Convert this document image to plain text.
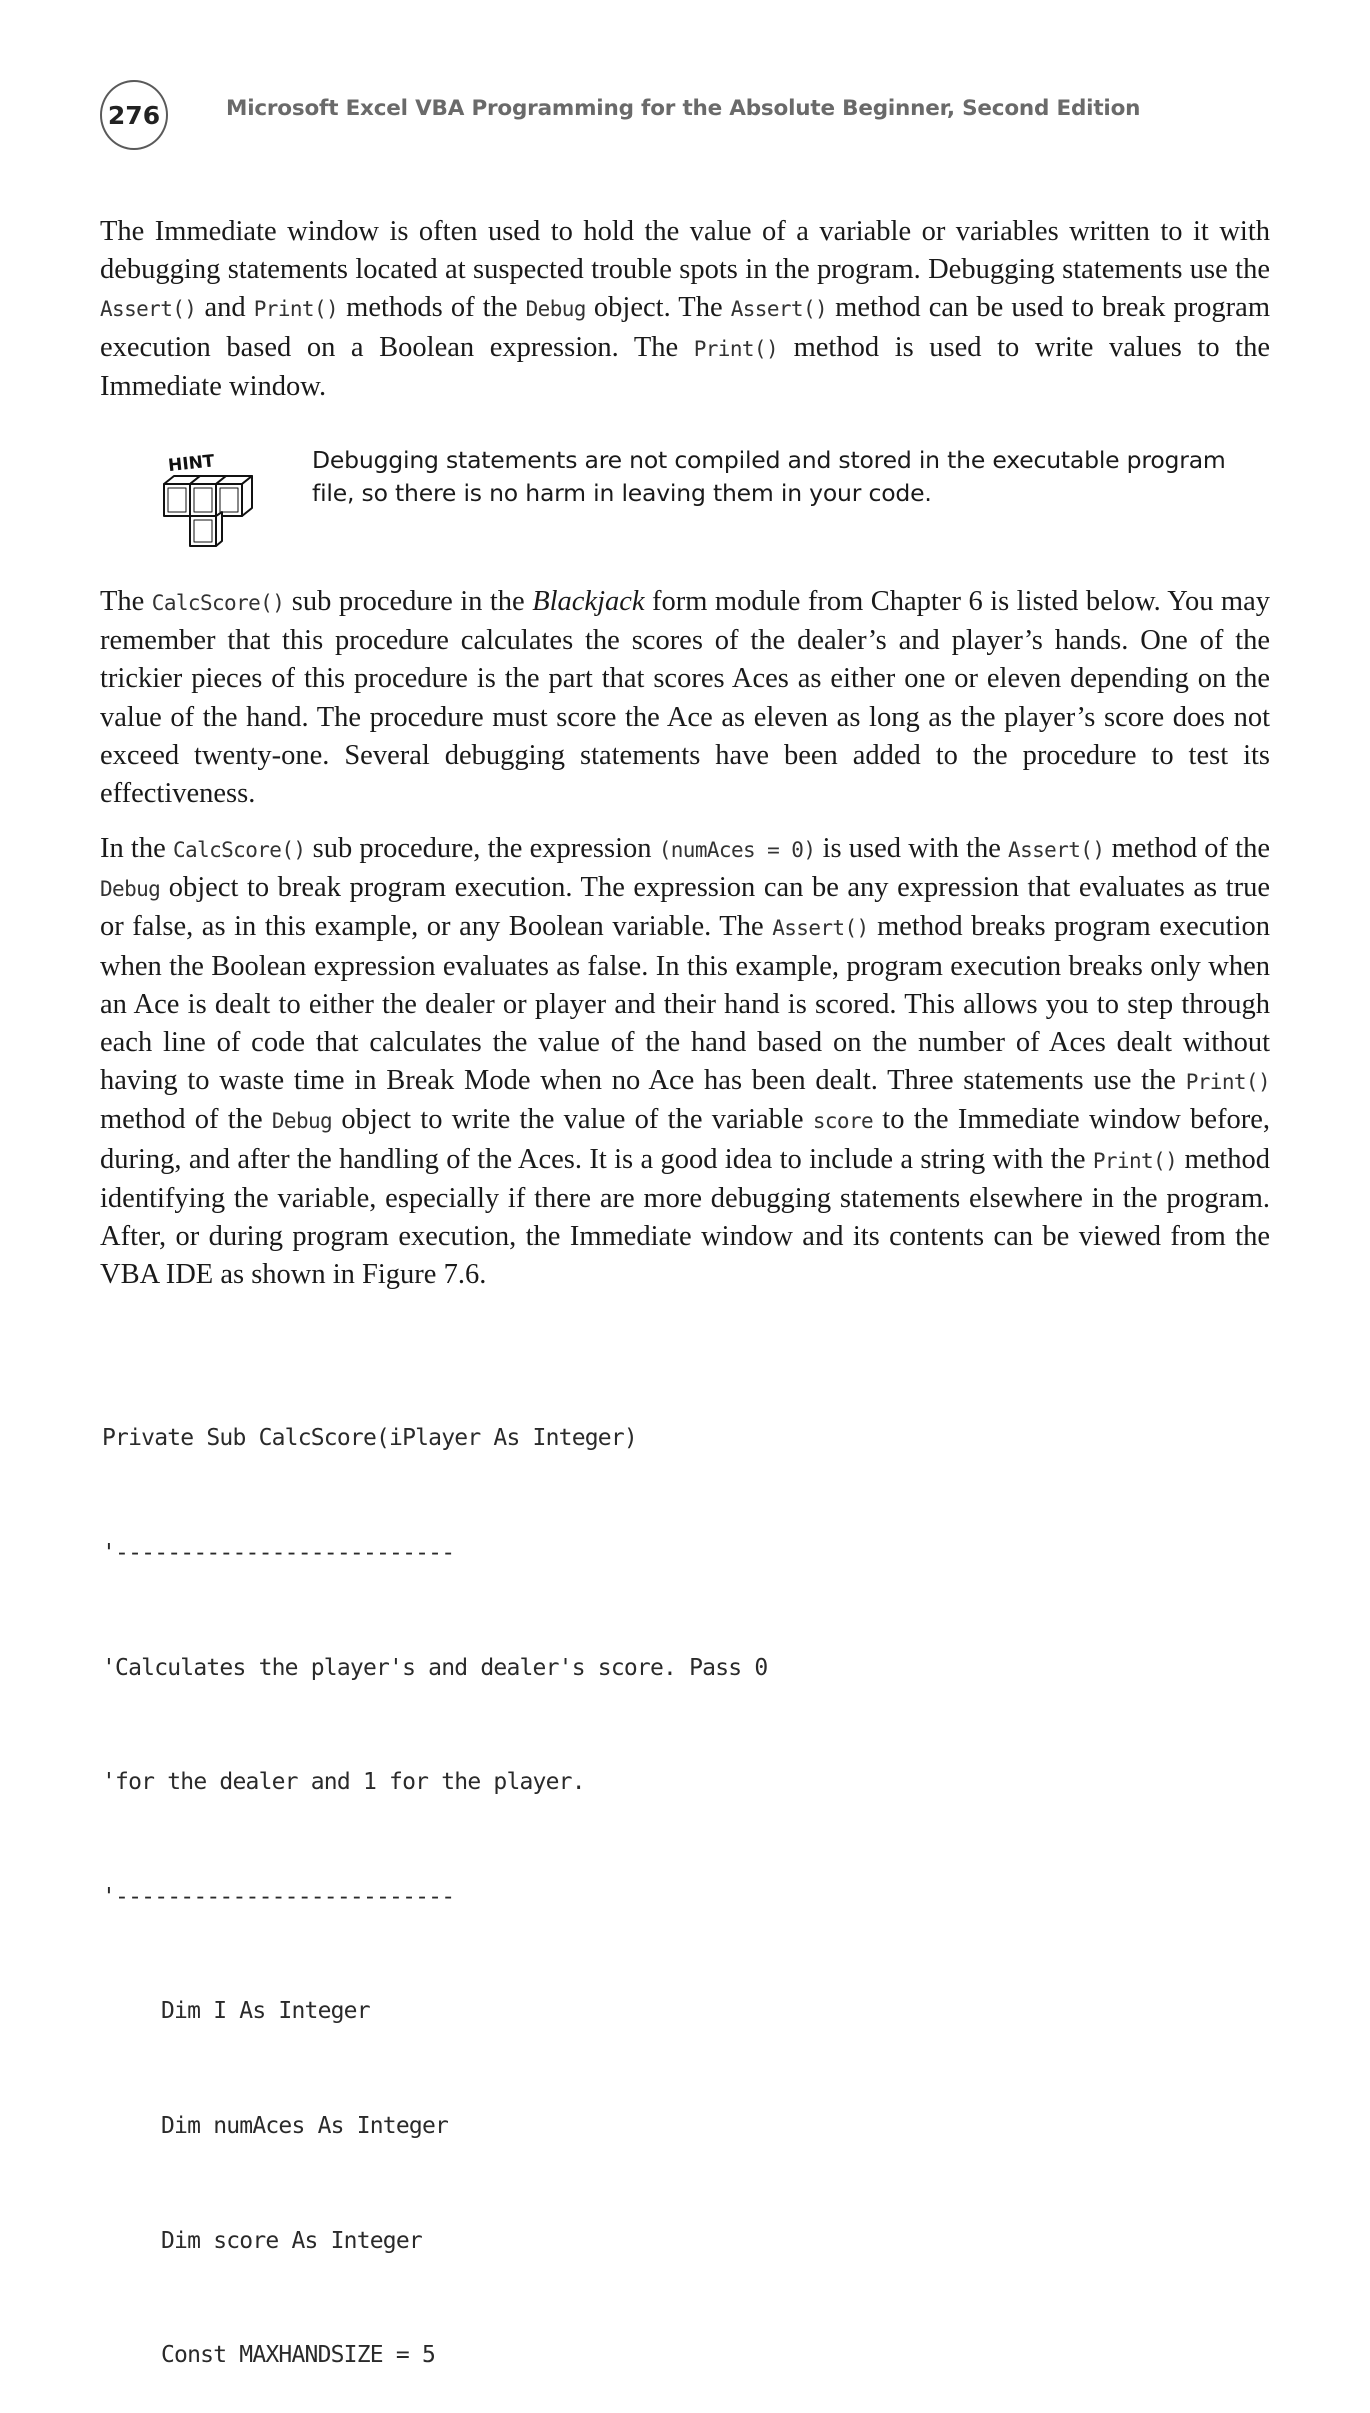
276	Microsoft Excel VBA Programming for the Absolute Beginner, Second Edition

The Immediate window is often used to hold the value of a variable or variables written to it with debugging statements located at suspected trouble spots in the program. Debugging statements use the Assert() and Print() methods of the Debug object. The Assert() method can be used to break program execution based on a Boolean expression. The Print() method is used to write values to the Immediate window.

HINT	Debugging statements are not compiled and stored in the executable program file, so there is no harm in leaving them in your code.

The CalcScore() sub procedure in the Blackjack form module from Chapter 6 is listed below. You may remember that this procedure calculates the scores of the dealer’s and player’s hands. One of the trickier pieces of this procedure is the part that scores Aces as either one or eleven depending on the value of the hand. The procedure must score the Ace as eleven as long as the player’s score does not exceed twenty-one. Several debugging statements have been added to the procedure to test its effectiveness.

In the CalcScore() sub procedure, the expression (numAces = 0) is used with the Assert() method of the Debug object to break program execution. The expression can be any expression that evaluates as true or false, as in this example, or any Boolean variable. The Assert() method breaks program execution when the Boolean expression evaluates as false. In this example, program execution breaks only when an Ace is dealt to either the dealer or player and their hand is scored. This allows you to step through each line of code that calculates the value of the hand based on the number of Aces dealt without having to waste time in Break Mode when no Ace has been dealt. Three statements use the Print() method of the Debug object to write the value of the variable score to the Immediate window before, during, and after the handling of the Aces. It is a good idea to include a string with the Print() method identifying the variable, especially if there are more debugging statements elsewhere in the program. After, or during program execution, the Immediate window and its contents can be viewed from the VBA IDE as shown in Figure 7.6.

Private Sub CalcScore(iPlayer As Integer)

'--------------------------

'Calculates the player's and dealer's score. Pass 0

'for the dealer and 1 for the player.

'--------------------------

Dim I As Integer

Dim numAces As Integer

Dim score As Integer

Const MAXHANDSIZE = 5
